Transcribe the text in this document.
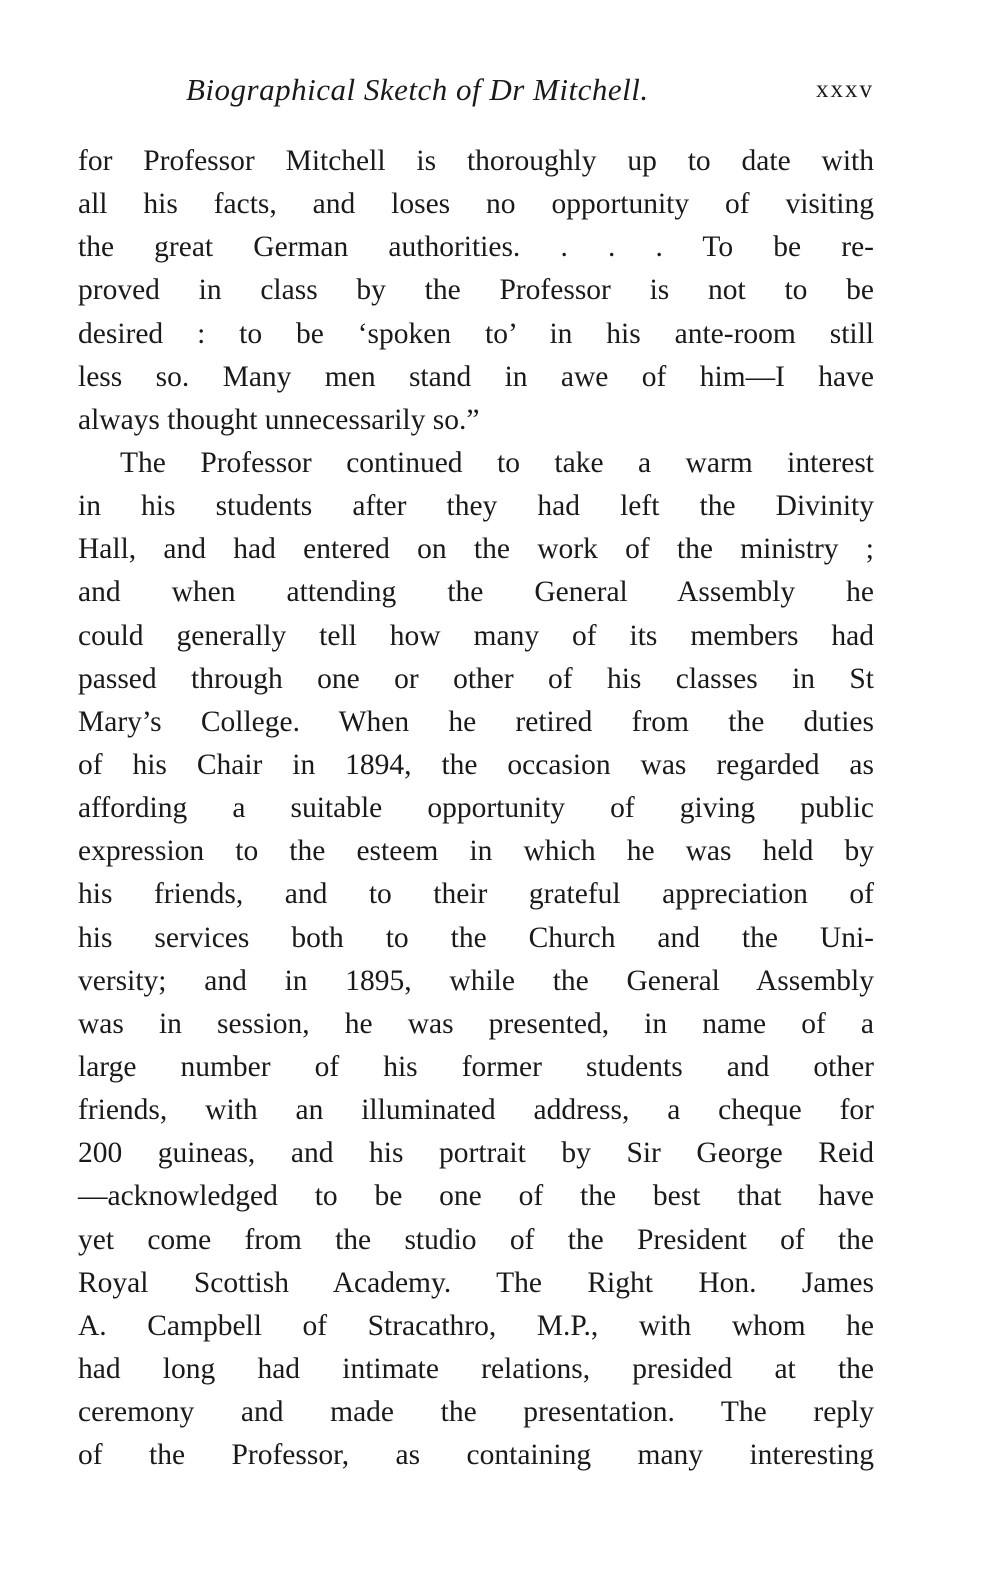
Biographical Sketch of Dr Mitchell.	xxxv
for Professor Mitchell is thoroughly up to date with
all his facts, and loses no opportunity of visiting
the great German authorities. . . . To be re-
proved in class by the Professor is not to be
desired : to be ‘spoken to’ in his ante-room still
less so. Many men stand in awe of him—I have
always thought unnecessarily so.”
The Professor continued to take a warm interest
in his students after they had left the Divinity
Hall, and had entered on the work of the ministry ;
and when attending the General Assembly he
could generally tell how many of its members had
passed through one or other of his classes in St
Mary’s College. When he retired from the duties
of his Chair in 1894, the occasion was regarded as
affording a suitable opportunity of giving public
expression to the esteem in which he was held by
his friends, and to their grateful appreciation of
his services both to the Church and the Uni-
versity; and in 1895, while the General Assembly
was in session, he was presented, in name of a
large number of his former students and other
friends, with an illuminated address, a cheque for
200 guineas, and his portrait by Sir George Reid
—acknowledged to be one of the best that have
yet come from the studio of the President of the
Royal Scottish Academy. The Right Hon. James
A. Campbell of Stracathro, M.P., with whom he
had long had intimate relations, presided at the
ceremony and made the presentation. The reply
of the Professor, as containing many interesting
